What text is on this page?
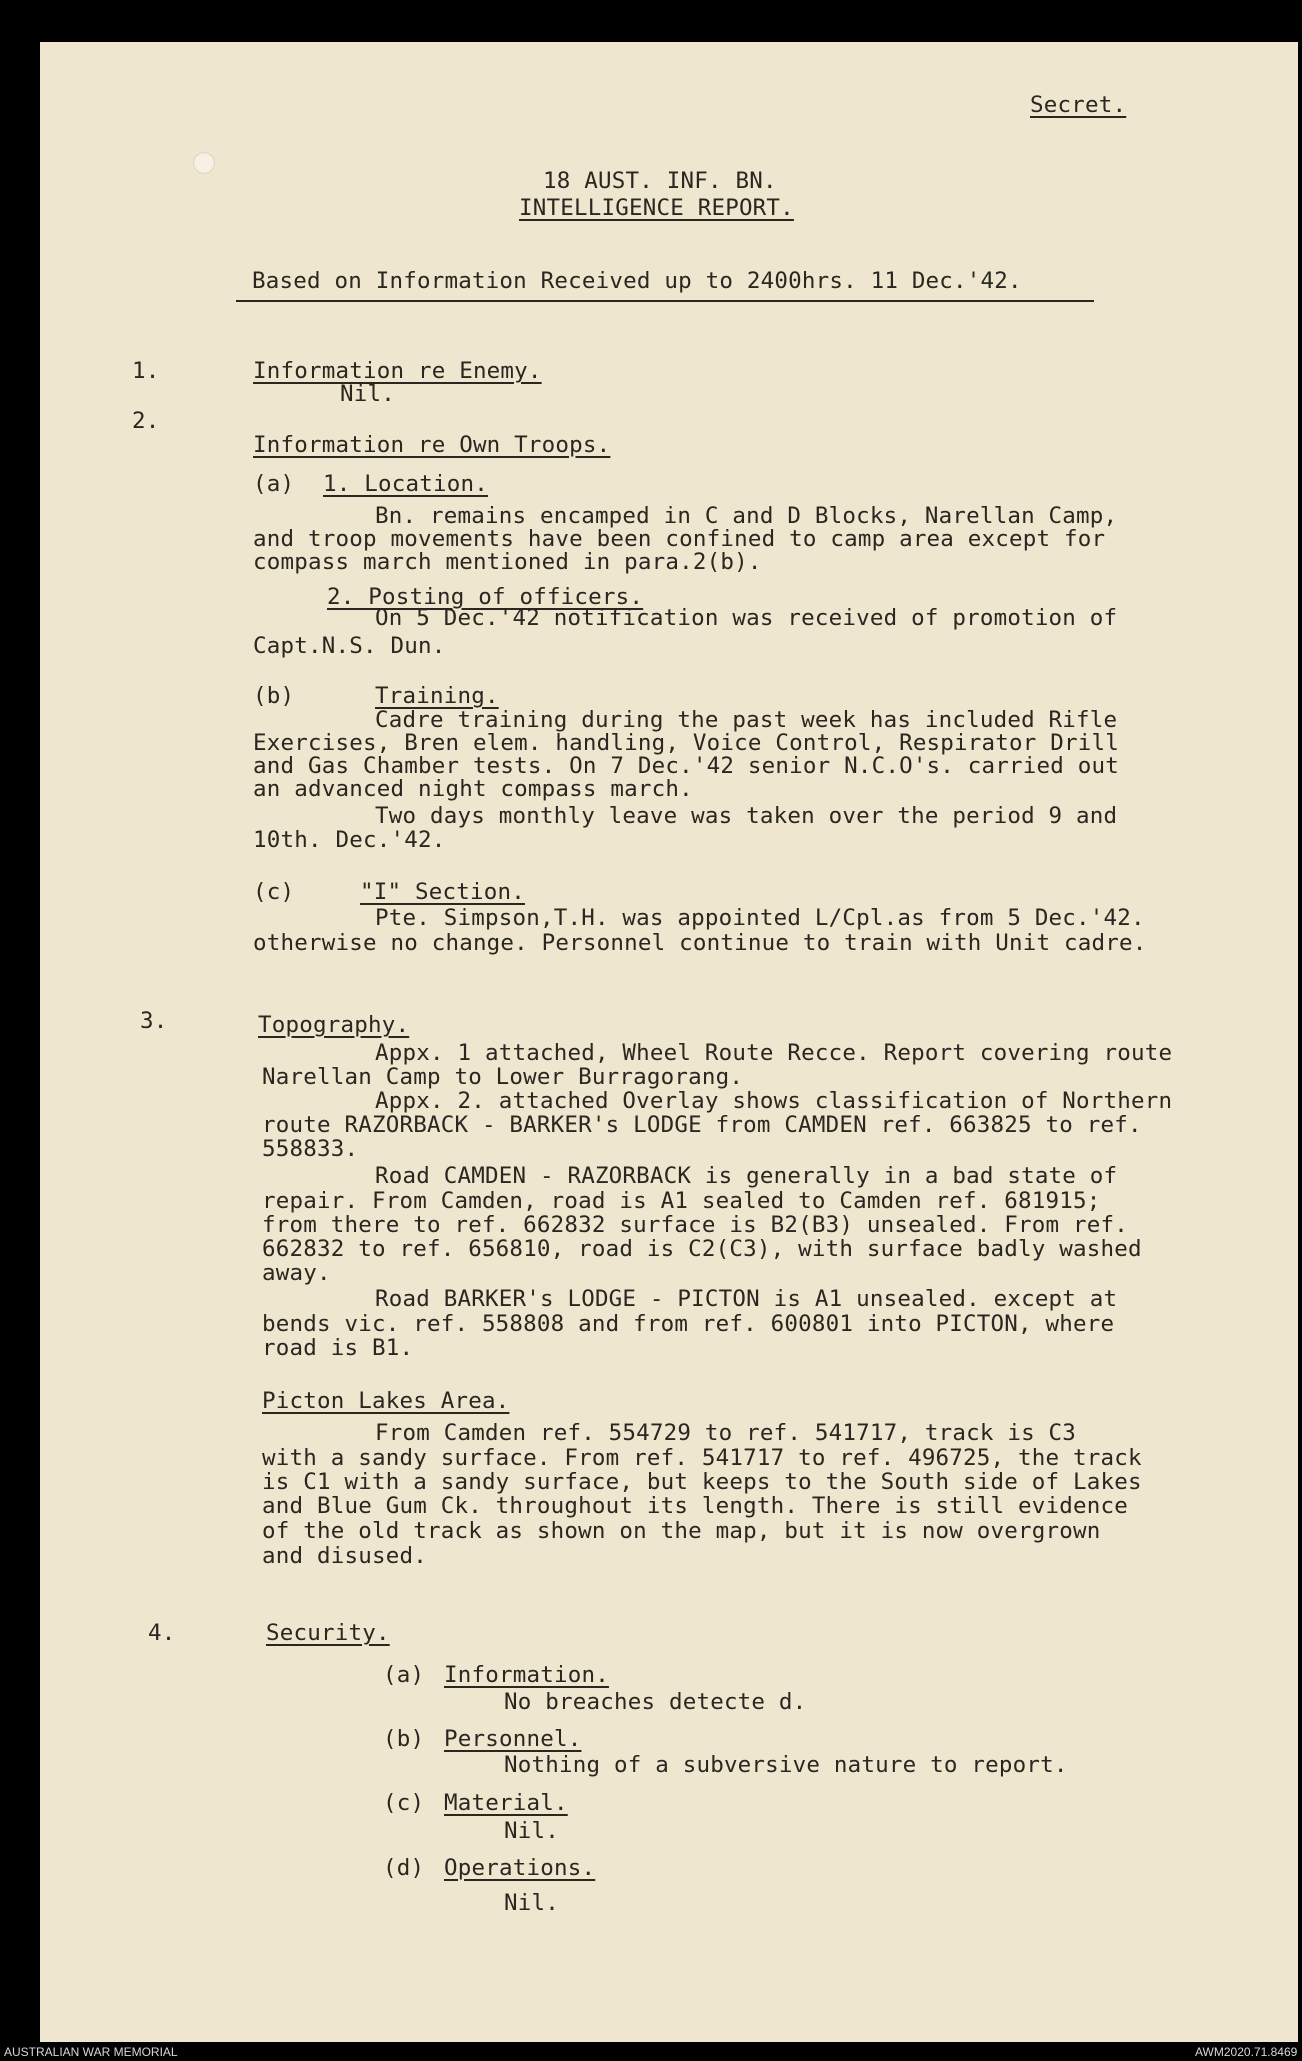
Secret.
18 AUST. INF. BN.
INTELLIGENCE REPORT.
Based on Information Received up to 2400hrs. 11 Dec.'42.
1.	Information re Enemy.
Nil.
2.
Information re Own Troops.
(a) 1. Location.
Bn. remains encamped in C and D Blocks, Narellan Camp,
and troop movements have been confined to camp area except for
compass march mentioned in para.2(b).
2. Posting of officers.
On 5 Dec.'42 notification was received of promotion of
Capt.N.S. Dun.
(b)	Training.
Cadre training during the past week has included Rifle
Exercises, Bren elem. handling, Voice Control, Respirator Drill
and Gas Chamber tests. On 7 Dec.'42 senior N.C.O's. carried out
an advanced night compass march.
Two days monthly leave was taken over the period 9 and
10th. Dec.'42.
(c)	"I" Section.
Pte. Simpson,T.H. was appointed L/Cpl.as from 5 Dec.'42.
otherwise no change. Personnel continue to train with Unit cadre.
3.	Topography.
Appx. 1 attached, Wheel Route Recce. Report covering route
Narellan Camp to Lower Burragorang.
Appx. 2. attached Overlay shows classification of Northern
route RAZORBACK - BARKER's LODGE from CAMDEN ref. 663825 to ref.
558833.
Road CAMDEN - RAZORBACK is generally in a bad state of
repair. From Camden, road is A1 sealed to Camden ref. 681915;
from there to ref. 662832 surface is B2(B3) unsealed. From ref.
662832 to ref. 656810, road is C2(C3), with surface badly washed
away.
Road BARKER's LODGE - PICTON is A1 unsealed. except at
bends vic. ref. 558808 and from ref. 600801 into PICTON, where
road is B1.
Picton Lakes Area.
From Camden ref. 554729 to ref. 541717, track is C3
with a sandy surface. From ref. 541717 to ref. 496725, the track
is C1 with a sandy surface, but keeps to the South side of Lakes
and Blue Gum Ck. throughout its length. There is still evidence
of the old track as shown on the map, but it is now overgrown
and disused.
4.	Security.
(a) Information.
No breaches detecte d.
(b) Personnel.
Nothing of a subversive nature to report.
(c) Material.
Nil.
(d) Operations.
Nil.
AUSTRALIAN WAR MEMORIAL	AWM2020.71.8469
